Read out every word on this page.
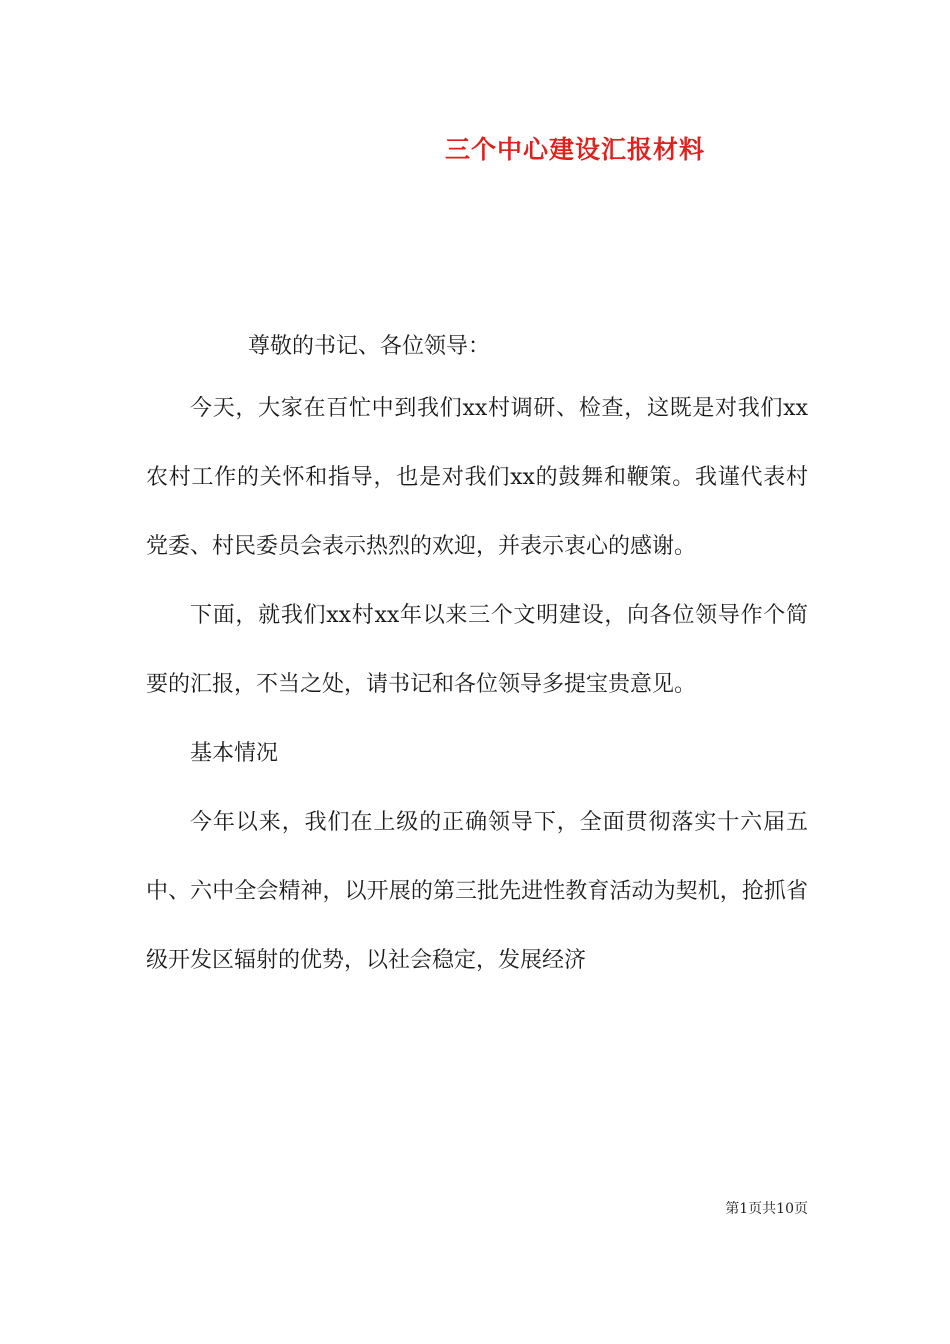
三个中心建设汇报材料

尊敬的书记、各位领导：

今天，大家在百忙中到我们xx村调研、检查，这既是对我们xx农村工作的关怀和指导，也是对我们xx的鼓舞和鞭策。我谨代表村党委、村民委员会表示热烈的欢迎，并表示衷心的感谢。

下面，就我们xx村xx年以来三个文明建设，向各位领导作个简要的汇报，不当之处，请书记和各位领导多提宝贵意见。

基本情况

今年以来，我们在上级的正确领导下，全面贯彻落实十六届五中、六中全会精神，以开展的第三批先进性教育活动为契机，抢抓省级开发区辐射的优势，以社会稳定，发展经济

第1页共10页
